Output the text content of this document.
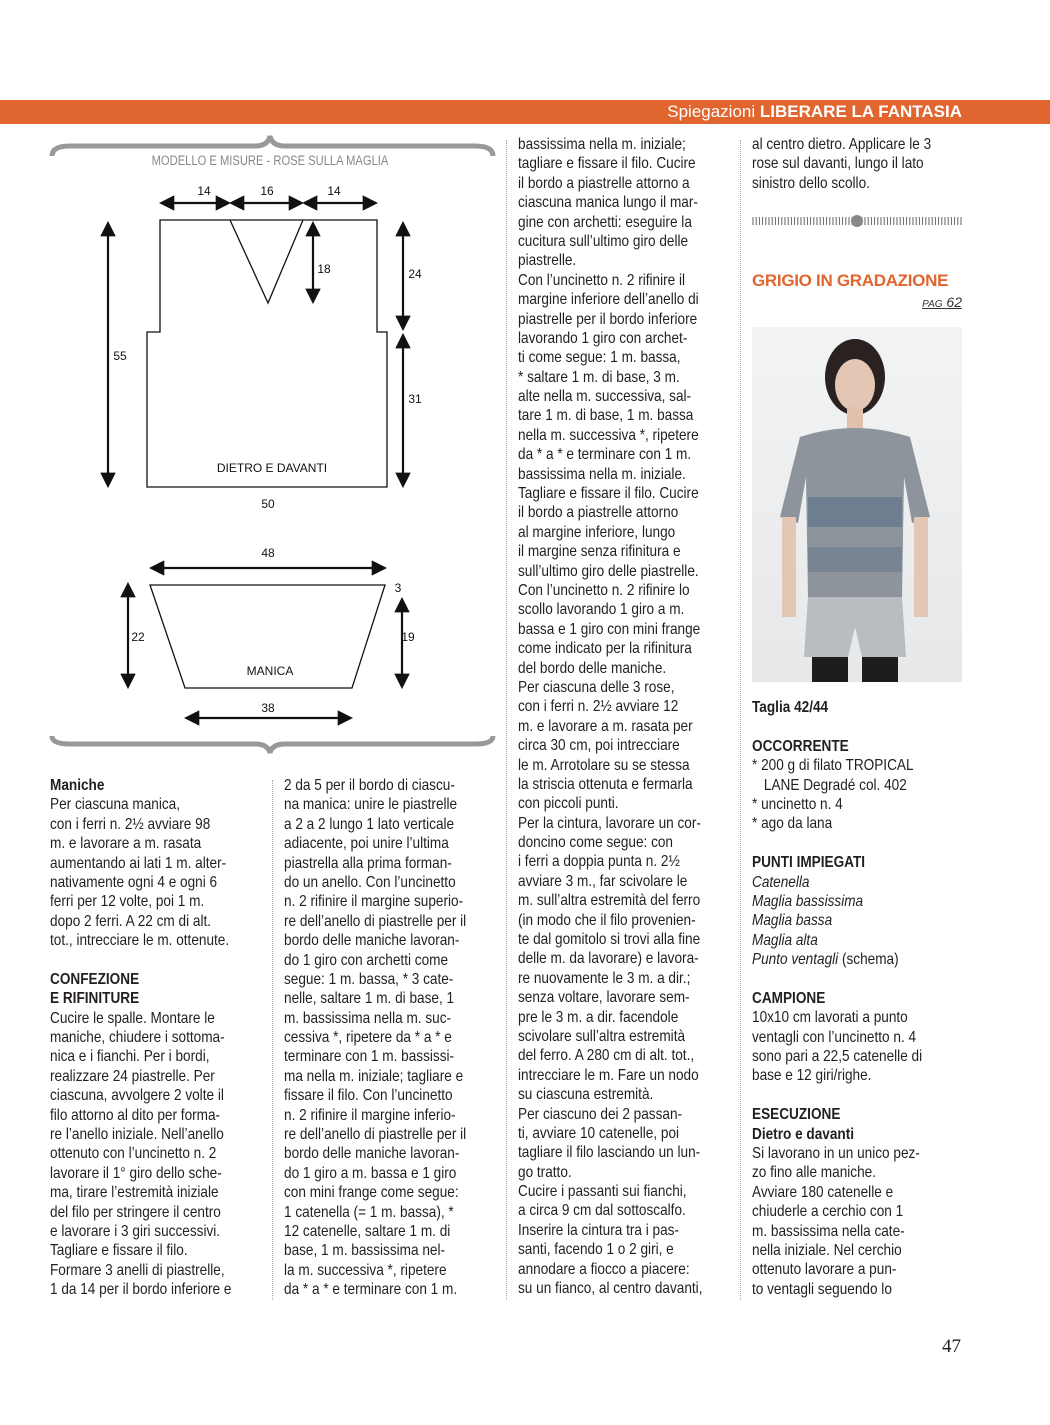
Spiegazioni LIBERARE LA FANTASIA
MODELLO E MISURE - ROSE SULLA MAGLIA
14	16	14
18	24
31
55
DIETRO E DAVANTI
50
48
3
19
22
MANICA
38
Maniche
Per ciascuna manica,
con i ferri n. 2½ avviare 98
m. e lavorare a m. rasata
aumentando ai lati 1 m. alter-
nativamente ogni 4 e ogni 6
ferri per 12 volte, poi 1 m.
dopo 2 ferri. A 22 cm di alt.
tot., intrecciare le m. ottenute.
CONFEZIONE
E RIFINITURE
Cucire le spalle. Montare le
maniche, chiudere i sottoma-
nica e i fianchi. Per i bordi,
realizzare 24 piastrelle. Per
ciascuna, avvolgere 2 volte il
filo attorno al dito per forma-
re l’anello iniziale. Nell’anello
ottenuto con l’uncinetto n. 2
lavorare il 1° giro dello sche-
ma, tirare l’estremità iniziale
del filo per stringere il centro
e lavorare i 3 giri successivi.
Tagliare e fissare il filo.
Formare 3 anelli di piastrelle,
1 da 14 per il bordo inferiore e
2 da 5 per il bordo di ciascu-
na manica: unire le piastrelle
a 2 a 2 lungo 1 lato verticale
adiacente, poi unire l’ultima
piastrella alla prima forman-
do un anello. Con l’uncinetto
n. 2 rifinire il margine superio-
re dell’anello di piastrelle per il
bordo delle maniche lavoran-
do 1 giro con archetti come
segue: 1 m. bassa, * 3 cate-
nelle, saltare 1 m. di base, 1
m. bassissima nella m. suc-
cessiva *, ripetere da * a * e
terminare con 1 m. bassissi-
ma nella m. iniziale; tagliare e
fissare il filo. Con l’uncinetto
n. 2 rifinire il margine inferio-
re dell’anello di piastrelle per il
bordo delle maniche lavoran-
do 1 giro a m. bassa e 1 giro
con mini frange come segue:
1 catenella (= 1 m. bassa), *
12 catenelle, saltare 1 m. di
base, 1 m. bassissima nel-
la m. successiva *, ripetere
da * a * e terminare con 1 m.
bassissima nella m. iniziale;
tagliare e fissare il filo. Cucire
il bordo a piastrelle attorno a
ciascuna manica lungo il mar-
gine con archetti: eseguire la
cucitura sull’ultimo giro delle
piastrelle.
Con l’uncinetto n. 2 rifinire il
margine inferiore dell’anello di
piastrelle per il bordo inferiore
lavorando 1 giro con archet-
ti come segue: 1 m. bassa,
* saltare 1 m. di base, 3 m.
alte nella m. successiva, sal-
tare 1 m. di base, 1 m. bassa
nella m. successiva *, ripetere
da * a * e terminare con 1 m.
bassissima nella m. iniziale.
Tagliare e fissare il filo. Cucire
il bordo a piastrelle attorno
al margine inferiore, lungo
il margine senza rifinitura e
sull’ultimo giro delle piastrelle.
Con l’uncinetto n. 2 rifinire lo
scollo lavorando 1 giro a m.
bassa e 1 giro con mini frange
come indicato per la rifinitura
del bordo delle maniche.
Per ciascuna delle 3 rose,
con i ferri n. 2½ avviare 12
m. e lavorare a m. rasata per
circa 30 cm, poi intrecciare
le m. Arrotolare su se stessa
la striscia ottenuta e fermarla
con piccoli punti.
Per la cintura, lavorare un cor-
doncino come segue: con
i ferri a doppia punta n. 2½
avviare 3 m., far scivolare le
m. sull’altra estremità del ferro
(in modo che il filo provenien-
te dal gomitolo si trovi alla fine
delle m. da lavorare) e lavora-
re nuovamente le 3 m. a dir.;
senza voltare, lavorare sem-
pre le 3 m. a dir. facendole
scivolare sull’altra estremità
del ferro. A 280 cm di alt. tot.,
intrecciare le m. Fare un nodo
su ciascuna estremità.
Per ciascuno dei 2 passan-
ti, avviare 10 catenelle, poi
tagliare il filo lasciando un lun-
go tratto.
Cucire i passanti sui fianchi,
a circa 9 cm dal sottoscalfo.
Inserire la cintura tra i pas-
santi, facendo 1 o 2 giri, e
annodare a fiocco a piacere:
su un fianco, al centro davanti,
al centro dietro. Applicare le 3
rose sul davanti, lungo il lato
sinistro dello scollo.
GRIGIO IN GRADAZIONE
PAG 62
Taglia 42/44
OCCORRENTE
* 200 g di filato TROPICAL
LANE Degradé col. 402
* uncinetto n. 4
* ago da lana
PUNTI IMPIEGATI
Catenella
Maglia bassissima
Maglia bassa
Maglia alta
Punto ventagli (schema)
CAMPIONE
10x10 cm lavorati a punto
ventagli con l’uncinetto n. 4
sono pari a 22,5 catenelle di
base e 12 giri/righe.
ESECUZIONE
Dietro e davanti
Si lavorano in un unico pez-
zo fino alle maniche.
Avviare 180 catenelle e
chiuderle a cerchio con 1
m. bassissima nella cate-
nella iniziale. Nel cerchio
ottenuto lavorare a pun-
to ventagli seguendo lo
47
